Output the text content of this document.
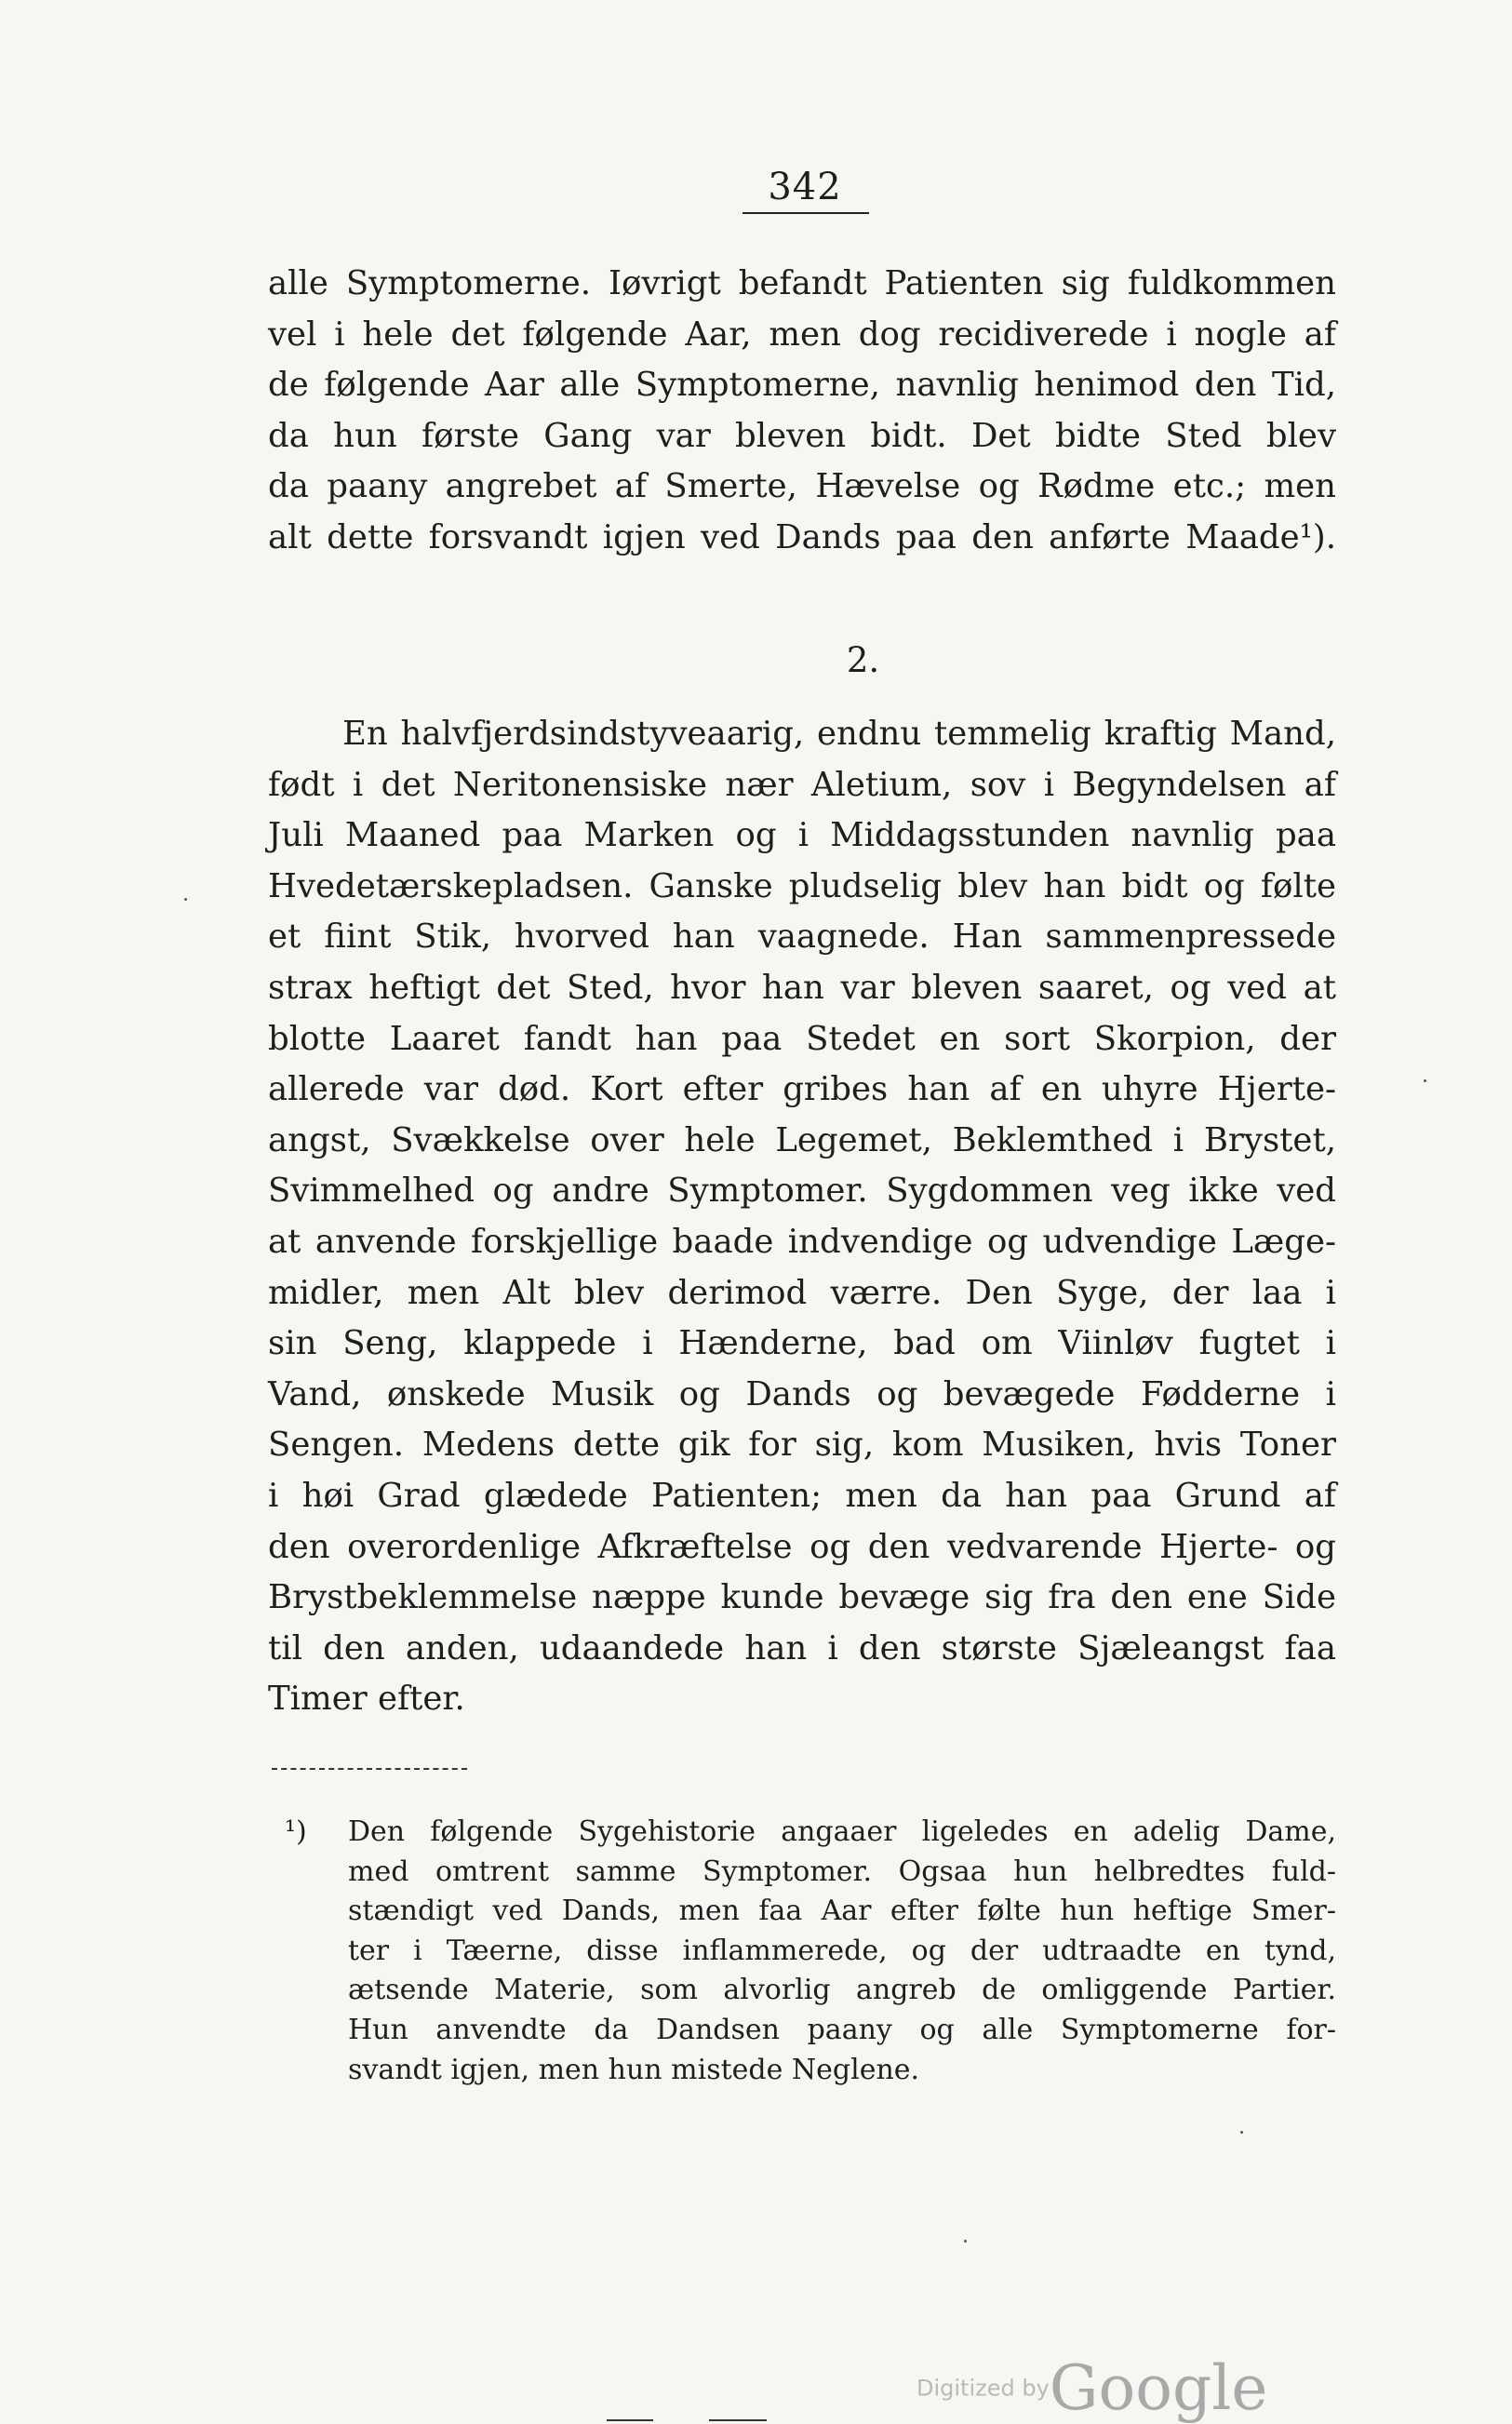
342
alle Symptomerne. Iøvrigt befandt Patienten sig fuldkommen
vel i hele det følgende Aar, men dog recidiverede i nogle af
de følgende Aar alle Symptomerne, navnlig henimod den Tid,
da hun første Gang var bleven bidt. Det bidte Sted blev
da paany angrebet af Smerte, Hævelse og Rødme etc.; men
alt dette forsvandt igjen ved Dands paa den anførte Maade¹).
2.
En halvfjerdsindstyveaarig, endnu temmelig kraftig Mand,
født i det Neritonensiske nær Aletium, sov i Begyndelsen af
Juli Maaned paa Marken og i Middagsstunden navnlig paa
Hvedetærskepladsen. Ganske pludselig blev han bidt og følte
et fiint Stik, hvorved han vaagnede. Han sammenpressede
strax heftigt det Sted, hvor han var bleven saaret, og ved at
blotte Laaret fandt han paa Stedet en sort Skorpion, der
allerede var død. Kort efter gribes han af en uhyre Hjerte-
angst, Svækkelse over hele Legemet, Beklemthed i Brystet,
Svimmelhed og andre Symptomer. Sygdommen veg ikke ved
at anvende forskjellige baade indvendige og udvendige Læge-
midler, men Alt blev derimod værre. Den Syge, der laa i
sin Seng, klappede i Hænderne, bad om Viinløv fugtet i
Vand, ønskede Musik og Dands og bevægede Fødderne i
Sengen. Medens dette gik for sig, kom Musiken, hvis Toner
i høi Grad glædede Patienten; men da han paa Grund af
den overordenlige Afkræftelse og den vedvarende Hjerte- og
Brystbeklemmelse næppe kunde bevæge sig fra den ene Side
til den anden, udaandede han i den største Sjæleangst faa
Timer efter.
¹) Den følgende Sygehistorie angaaer ligeledes en adelig Dame,
med omtrent samme Symptomer. Ogsaa hun helbredtes fuld-
stændigt ved Dands, men faa Aar efter følte hun heftige Smer-
ter i Tæerne, disse inflammerede, og der udtraadte en tynd,
ætsende Materie, som alvorlig angreb de omliggende Partier.
Hun anvendte da Dandsen paany og alle Symptomerne for-
svandt igjen, men hun mistede Neglene.
Digitized byGoogle
